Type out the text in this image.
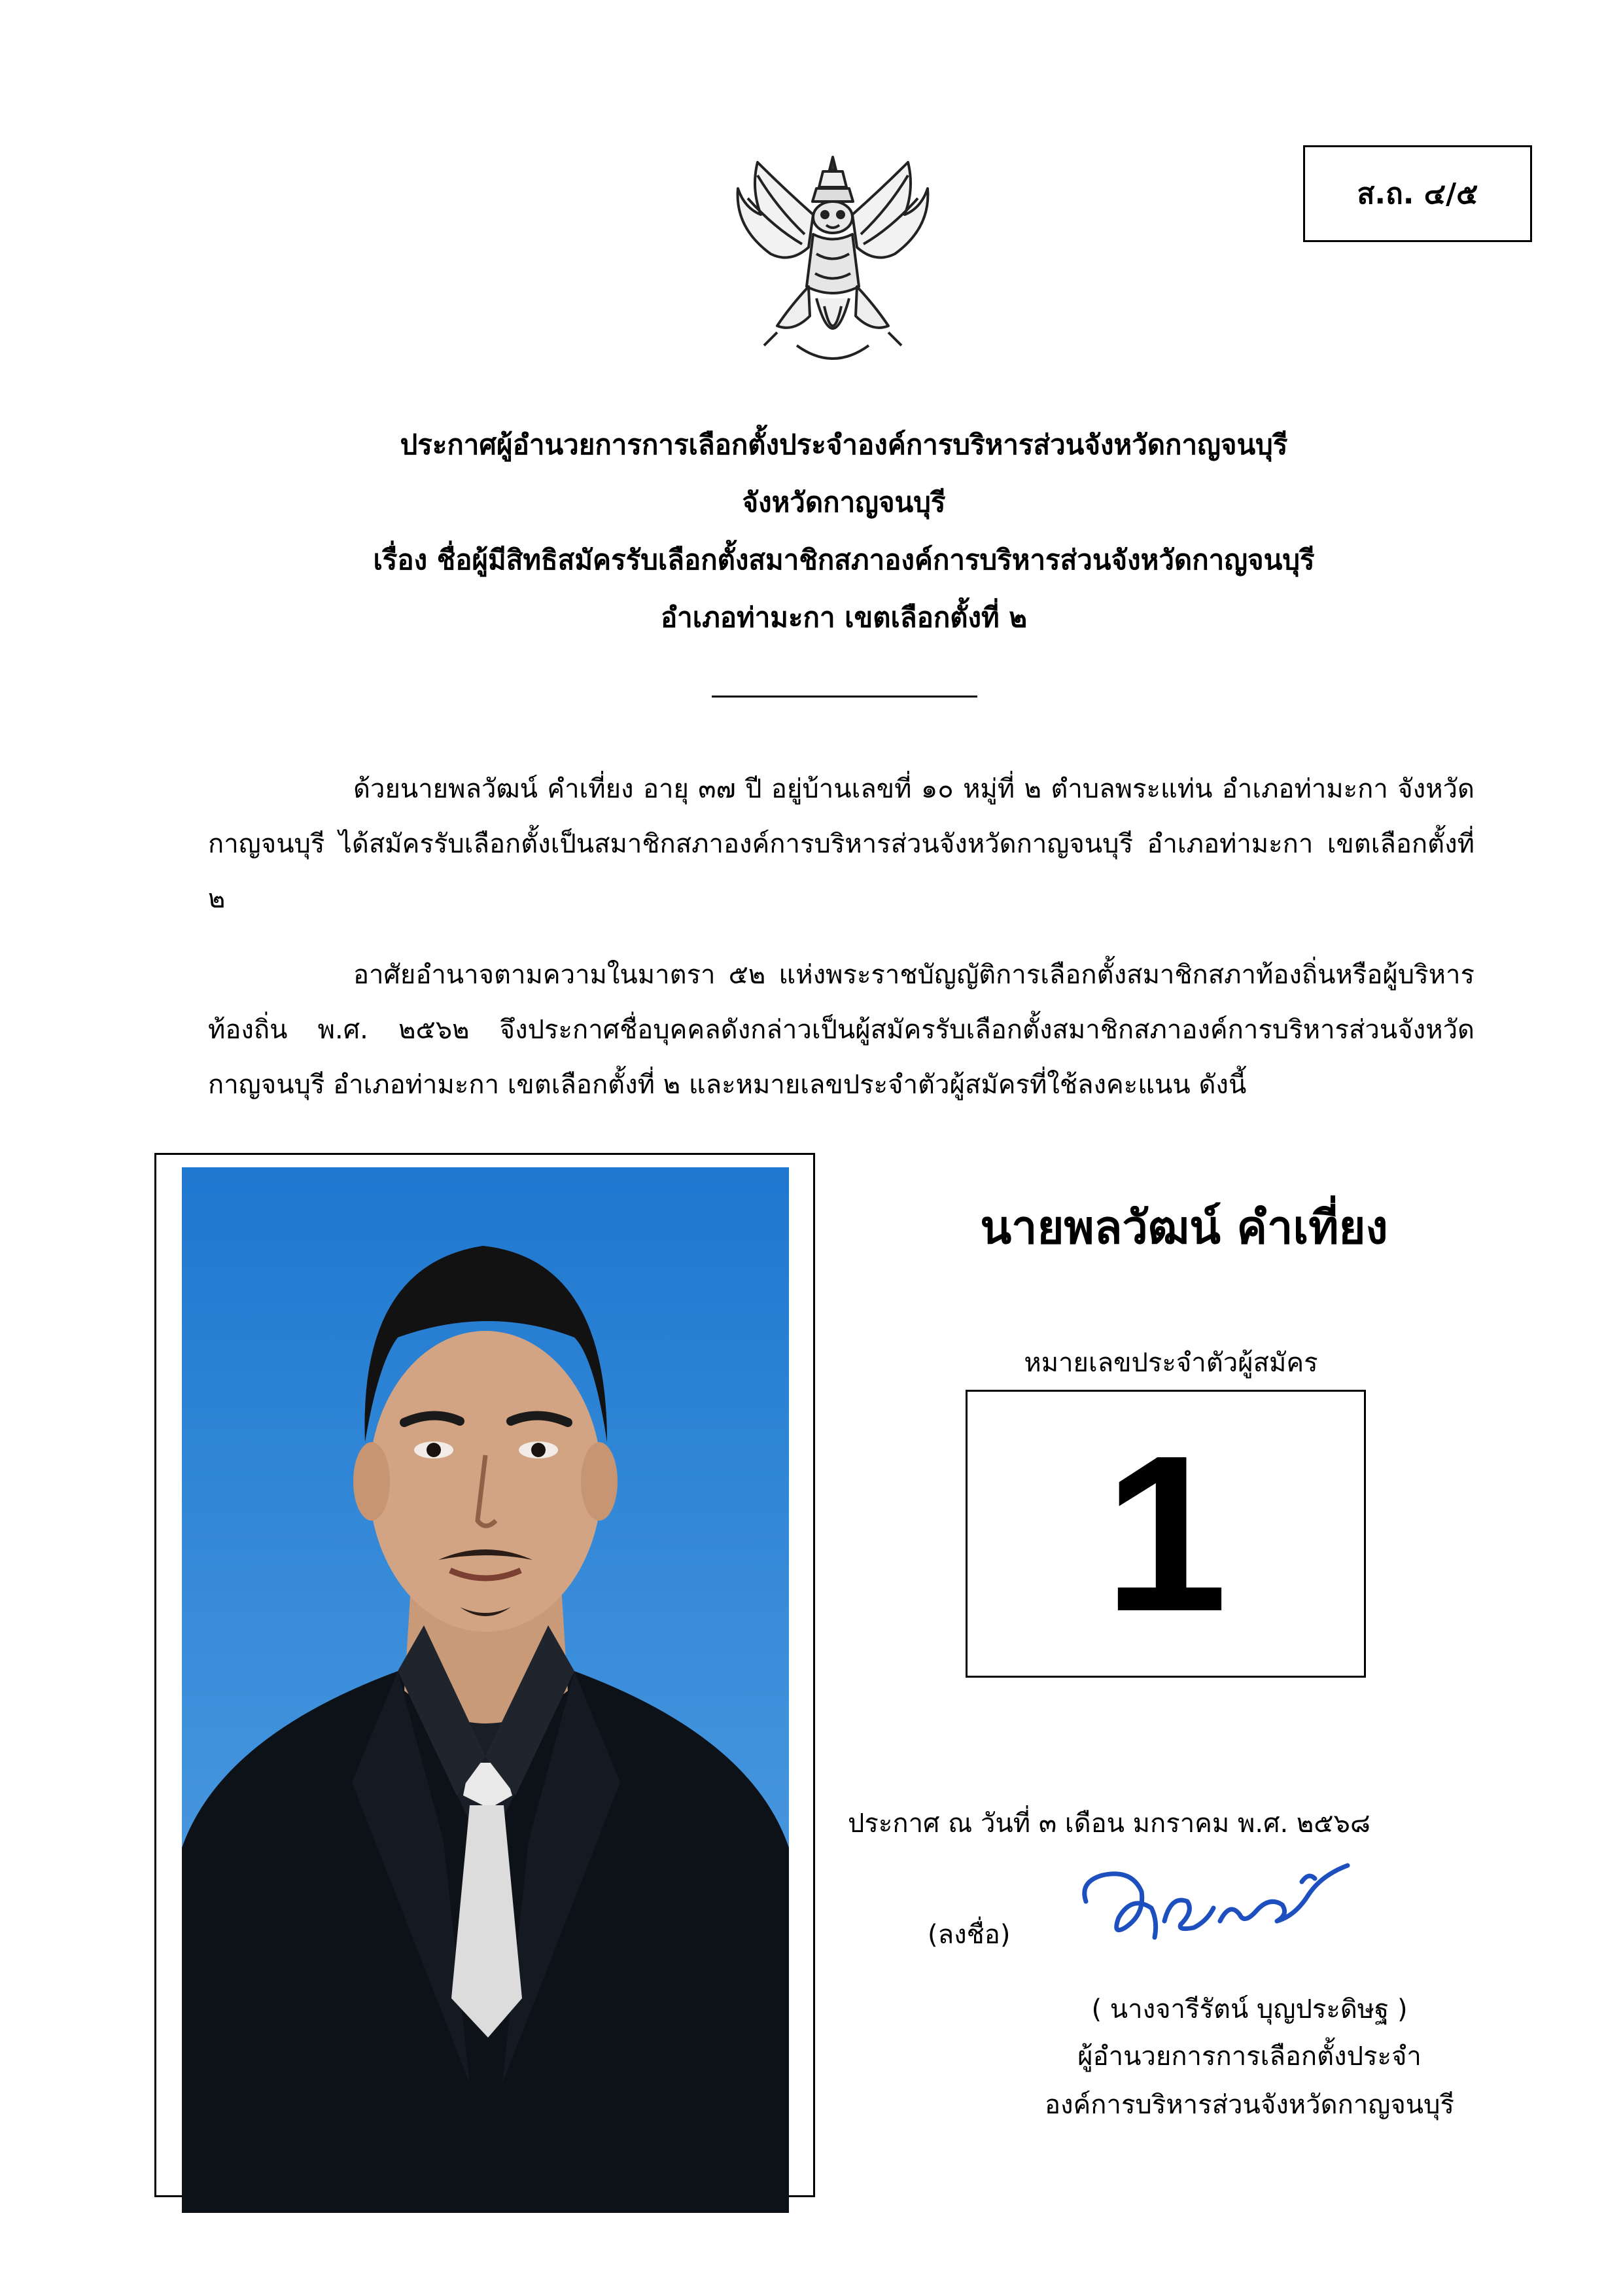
ส.ถ. ๔/๕
ประกาศผู้อำนวยการการเลือกตั้งประจำองค์การบริหารส่วนจังหวัดกาญจนบุรี
จังหวัดกาญจนบุรี
เรื่อง ชื่อผู้มีสิทธิสมัครรับเลือกตั้งสมาชิกสภาองค์การบริหารส่วนจังหวัดกาญจนบุรี
อำเภอท่ามะกา เขตเลือกตั้งที่ ๒

ด้วยนายพลวัฒน์ คำเที่ยง อายุ ๓๗ ปี อยู่บ้านเลขที่ ๑๐ หมู่ที่ ๒ ตำบลพระแท่น อำเภอท่ามะกา จังหวัดกาญจนบุรี ได้สมัครรับเลือกตั้งเป็นสมาชิกสภาองค์การบริหารส่วนจังหวัดกาญจนบุรี อำเภอท่ามะกา เขตเลือกตั้งที่ ๒

อาศัยอำนาจตามความในมาตรา ๕๒ แห่งพระราชบัญญัติการเลือกตั้งสมาชิกสภาท้องถิ่นหรือผู้บริหารท้องถิ่น พ.ศ. ๒๕๖๒ จึงประกาศชื่อบุคคลดังกล่าวเป็นผู้สมัครรับเลือกตั้งสมาชิกสภาองค์การบริหารส่วนจังหวัดกาญจนบุรี อำเภอท่ามะกา เขตเลือกตั้งที่ ๒ และหมายเลขประจำตัวผู้สมัครที่ใช้ลงคะแนน ดังนี้

นายพลวัฒน์ คำเที่ยง
หมายเลขประจำตัวผู้สมัคร
1
ประกาศ ณ วันที่ ๓ เดือน มกราคม พ.ศ. ๒๕๖๘
(ลงชื่อ)
( นางจารีรัตน์ บุญประดิษฐ )
ผู้อำนวยการการเลือกตั้งประจำ
องค์การบริหารส่วนจังหวัดกาญจนบุรี
